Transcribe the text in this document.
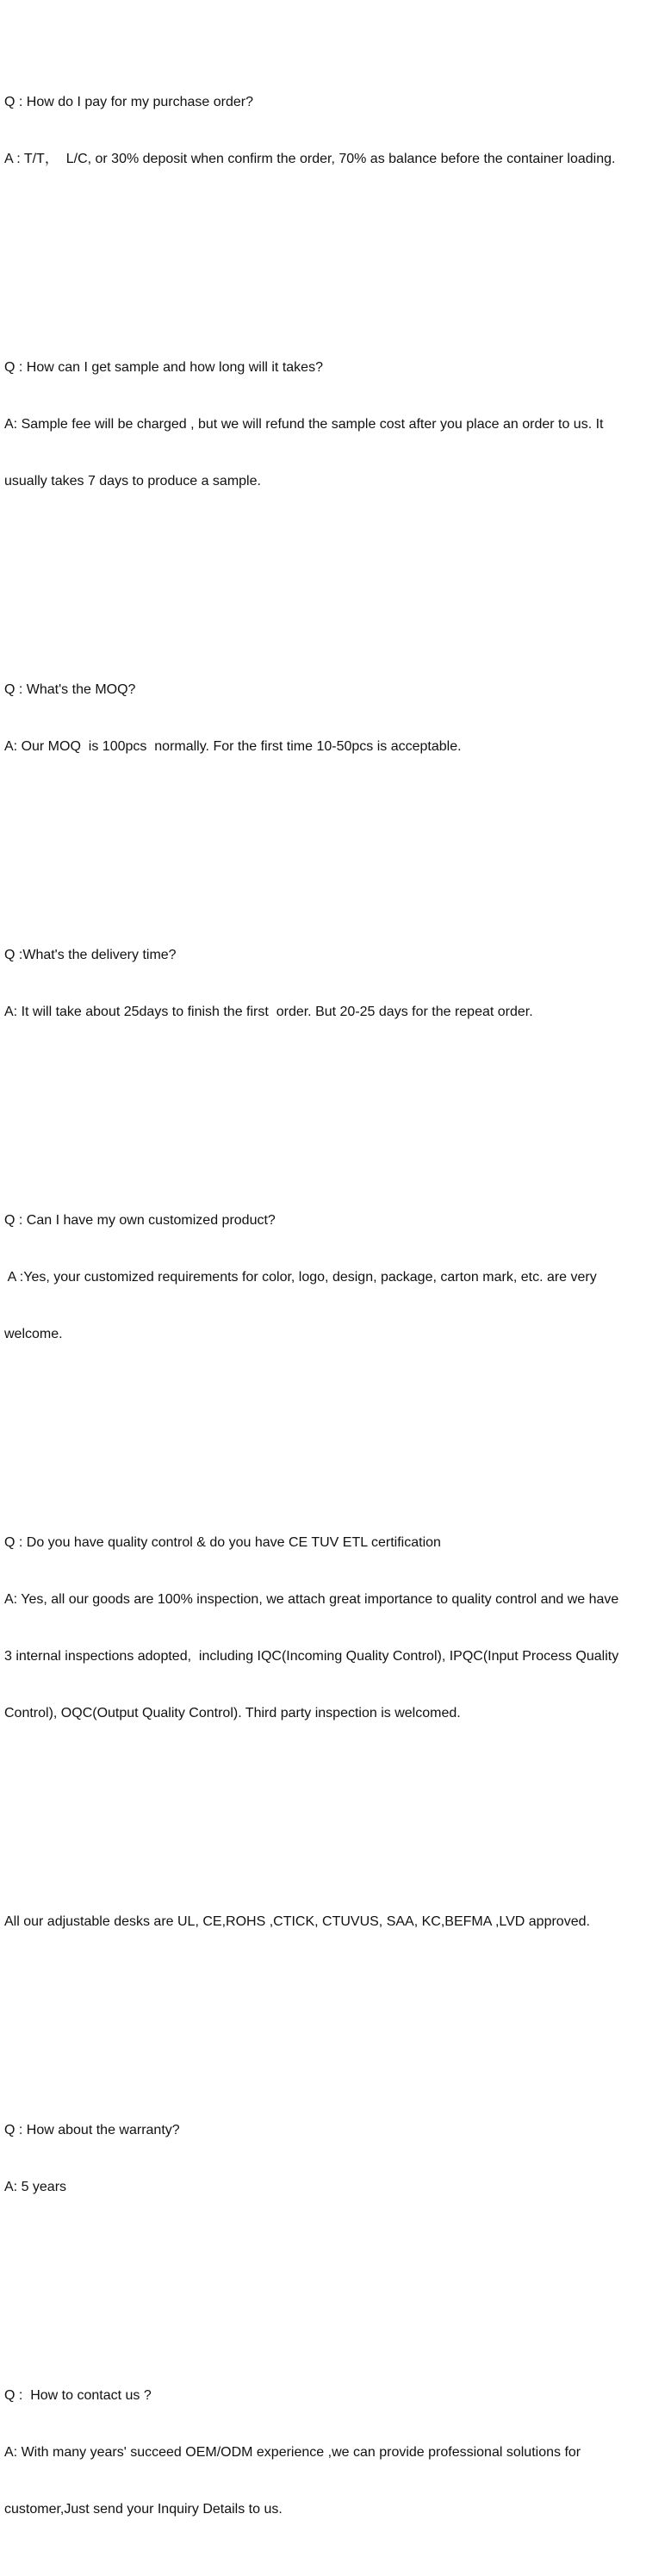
Q : How do I pay for my purchase order?

A : T/T，  L/C, or 30% deposit when confirm the order, 70% as balance before the container loading.

Q : How can I get sample and how long will it takes?

A: Sample fee will be charged , but we will refund the sample cost after you place an order to us. It

usually takes 7 days to produce a sample.

Q : What's the MOQ?

A: Our MOQ  is 100pcs  normally. For the first time 10-50pcs is acceptable.

Q :What's the delivery time?

A: It will take about 25days to finish the first  order. But 20-25 days for the repeat order.

Q : Can I have my own customized product?

A :Yes, your customized requirements for color, logo, design, package, carton mark, etc. are very

welcome.

Q : Do you have quality control & do you have CE TUV ETL certification

A: Yes, all our goods are 100% inspection, we attach great importance to quality control and we have

3 internal inspections adopted,  including IQC(Incoming Quality Control), IPQC(Input Process Quality

Control), OQC(Output Quality Control). Third party inspection is welcomed.

All our adjustable desks are UL, CE,ROHS ,CTICK, CTUVUS, SAA, KC,BEFMA ,LVD approved.

Q : How about the warranty?

A: 5 years

Q :  How to contact us ?

A: With many years' succeed OEM/ODM experience ,we can provide professional solutions for

customer,Just send your Inquiry Details to us.
